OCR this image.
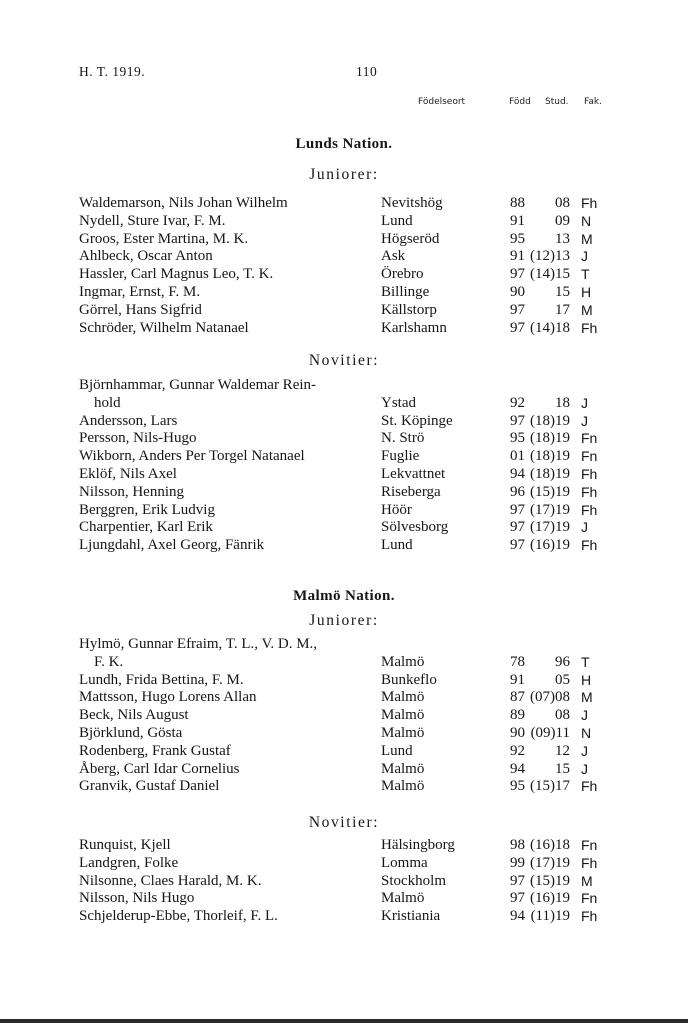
H. T. 1919.	110
Födelseort	Född Stud. Fak.
Lunds Nation.
Juniorer:
Waldemarson, Nils Johan Wilhelm	Nevitshög	88	08 Fh
Nydell, Sture Ivar, F. M.	Lund	91	09 N
Groos, Ester Martina, M. K.	Högseröd	95	13 M
Ahlbeck, Oscar Anton	Ask	91 (12)13 J
Hassler, Carl Magnus Leo, T. K.	Örebro	97 (14)15 T
Ingmar, Ernst, F. M.	Billinge	90	15 H
Görrel, Hans Sigfrid	Källstorp	97	17 M
Schröder, Wilhelm Natanael	Karlshamn	97 (14)18 Fh
Novitier:
Björnhammar, Gunnar Waldemar Rein-
hold	Ystad	92	18 J
Andersson, Lars	St. Köpinge	97 (18)19 J
Persson, Nils-Hugo	N. Strö	95 (18)19 Fn
Wikborn, Anders Per Torgel Natanael	Fuglie	01 (18)19 Fn
Eklöf, Nils Axel	Lekvattnet	94 (18)19 Fh
Nilsson, Henning	Riseberga	96 (15)19 Fh
Berggren, Erik Ludvig	Höör	97 (17)19 Fh
Charpentier, Karl Erik	Sölvesborg	97 (17)19 J
Ljungdahl, Axel Georg, Fänrik	Lund	97 (16)19 Fh
Malmö Nation.
Juniorer:
Hylmö, Gunnar Efraim, T. L., V. D. M.,
F. K.	Malmö	78	96 T
Lundh, Frida Bettina, F. M.	Bunkeflo	91	05 H
Mattsson, Hugo Lorens Allan	Malmö	87 (07)08 M
Beck, Nils August	Malmö	89	08 J
Björklund, Gösta	Malmö	90 (09)11 N
Rodenberg, Frank Gustaf	Lund	92	12 J
Åberg, Carl Idar Cornelius	Malmö	94	15 J
Granvik, Gustaf Daniel	Malmö	95 (15)17 Fh
Novitier:
Runquist, Kjell	Hälsingborg	98 (16)18 Fn
Landgren, Folke	Lomma	99 (17)19 Fh
Nilsonne, Claes Harald, M. K.	Stockholm	97 (15)19 M
Nilsson, Nils Hugo	Malmö	97 (16)19 Fn
Schjelderup-Ebbe, Thorleif, F. L.	Kristiania	94 (11)19 Fh
